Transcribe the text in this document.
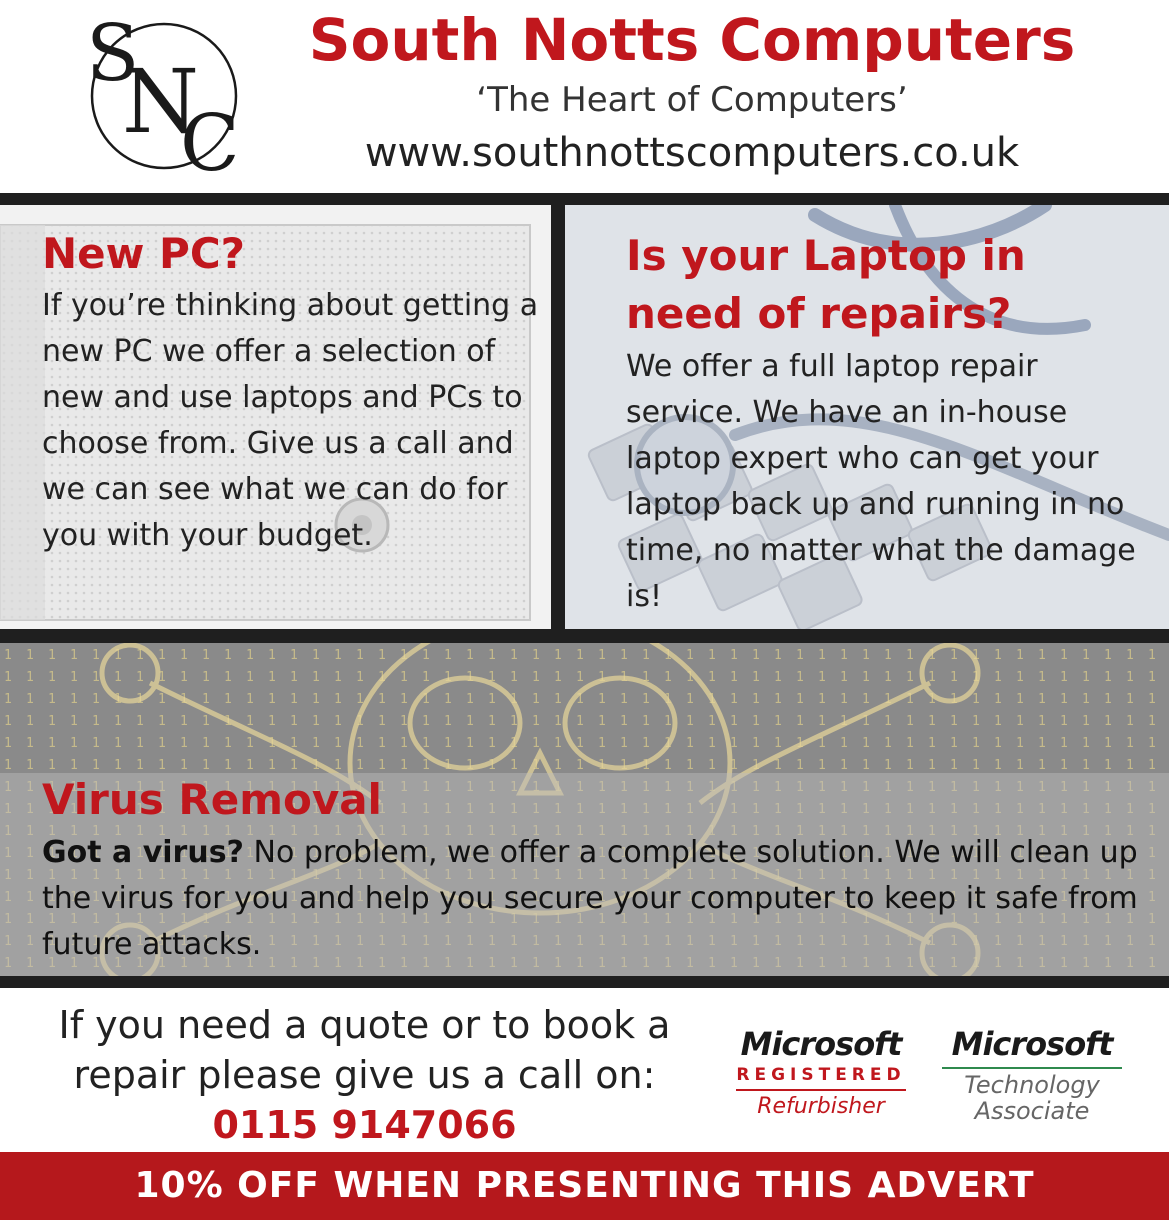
S
N
C
South Notts Computers
‘The Heart of Computers’
www.southnottscomputers.co.uk
New PC?

If you’re thinking about getting a new PC we offer a selection of new and use laptops and PCs to choose from. Give us a call and we can see what we can do for you with your budget.

Is your Laptop in need of repairs?

We offer a full laptop repair service. We have an in-house laptop expert who can get your laptop back up and running in no time, no matter what the damage is!

Virus Removal

Got a virus? No problem, we offer a complete solution. We will clean up the virus for you and help you secure your computer to keep it safe from future attacks.

If you need a quote or to book a repair please give us a call on: 0115 9147066
Microsoft
REGISTERED
Refurbisher
Microsoft
Technology
Associate
10% OFF WHEN PRESENTING THIS ADVERT
